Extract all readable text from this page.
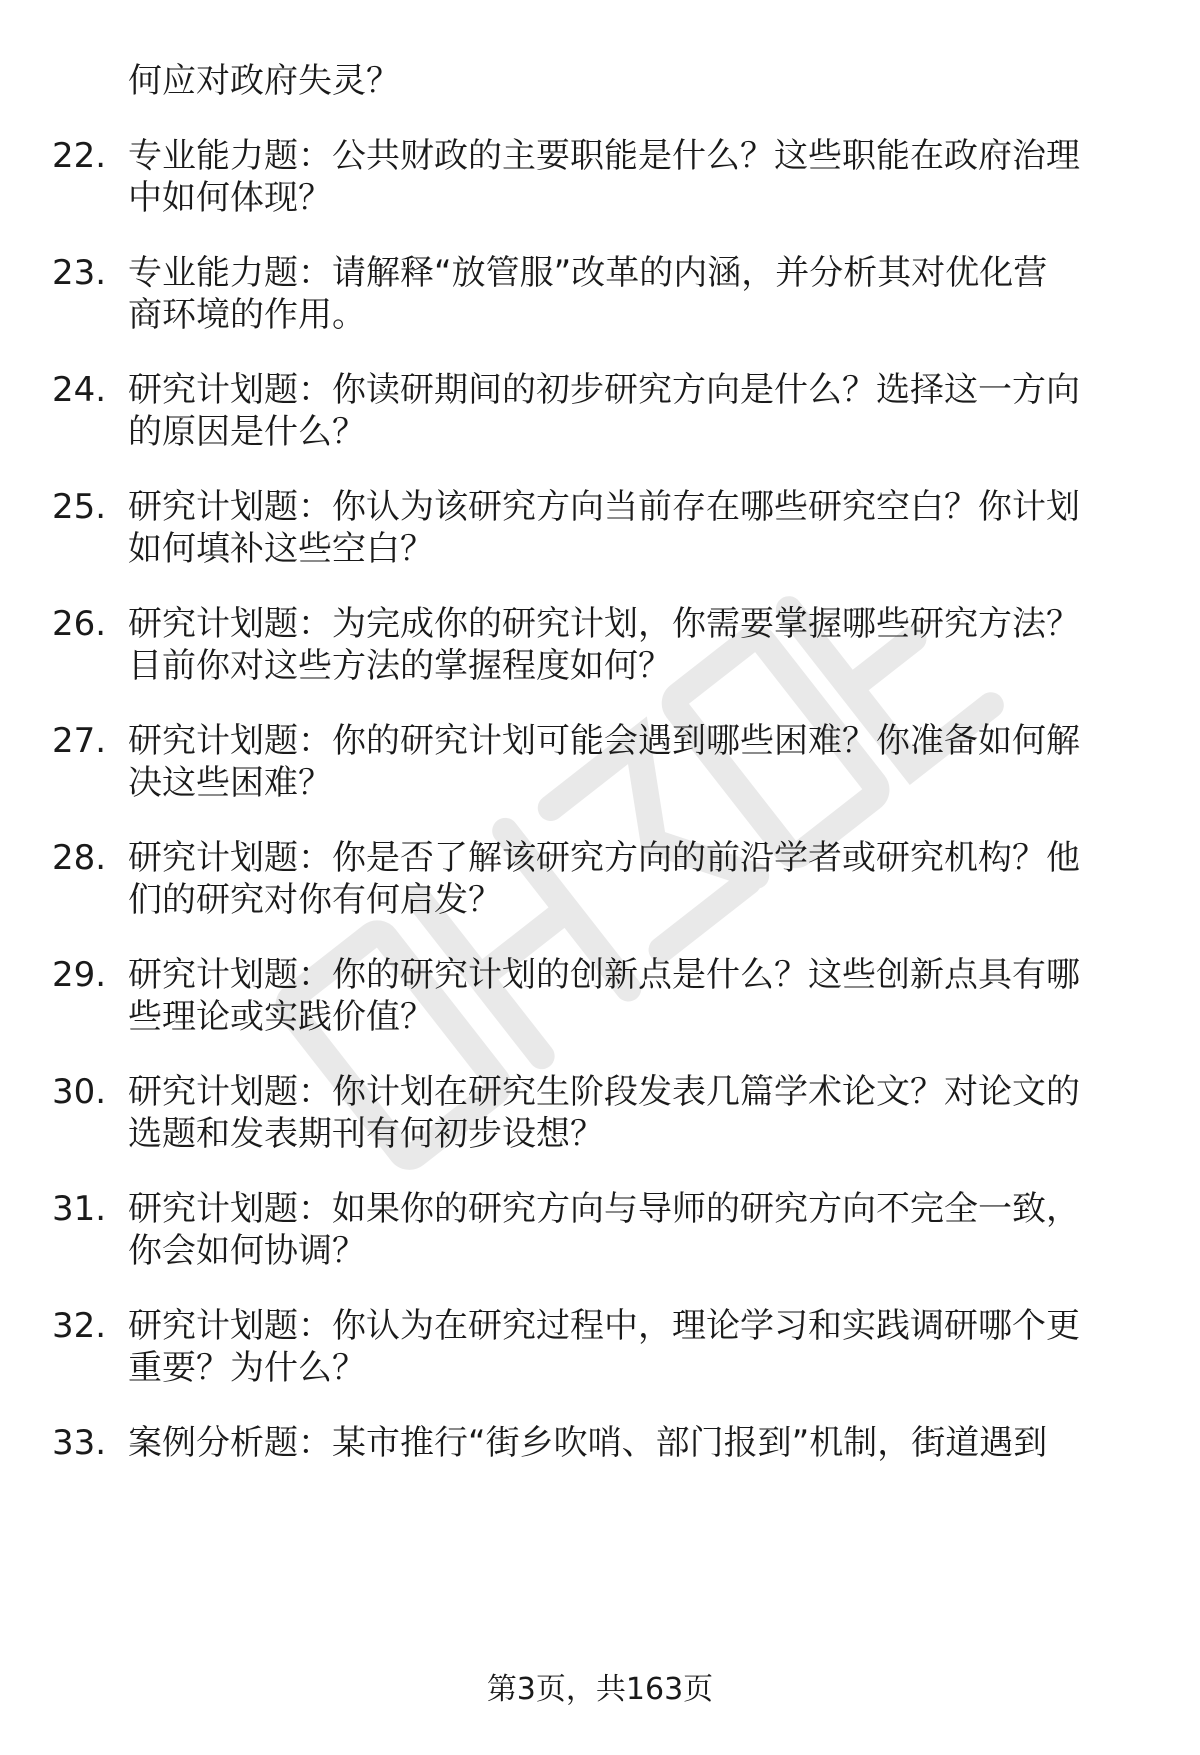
何应对政府失灵？
22. 专业能力题：公共财政的主要职能是什么？这些职能在政府治理
中如何体现？
23. 专业能力题：请解释“放管服”改革的内涵，并分析其对优化营
商环境的作用。
24. 研究计划题：你读研期间的初步研究方向是什么？选择这一方向
的原因是什么？
25. 研究计划题：你认为该研究方向当前存在哪些研究空白？你计划
如何填补这些空白？
26. 研究计划题：为完成你的研究计划，你需要掌握哪些研究方法？
目前你对这些方法的掌握程度如何？
27. 研究计划题：你的研究计划可能会遇到哪些困难？你准备如何解
决这些困难？
28. 研究计划题：你是否了解该研究方向的前沿学者或研究机构？他
们的研究对你有何启发？
29. 研究计划题：你的研究计划的创新点是什么？这些创新点具有哪
些理论或实践价值？
30. 研究计划题：你计划在研究生阶段发表几篇学术论文？对论文的
选题和发表期刊有何初步设想？
31. 研究计划题：如果你的研究方向与导师的研究方向不完全一致，
你会如何协调？
32. 研究计划题：你认为在研究过程中，理论学习和实践调研哪个更
重要？为什么？
33. 案例分析题：某市推行“街乡吹哨、部门报到”机制，街道遇到
第3页，共163页
